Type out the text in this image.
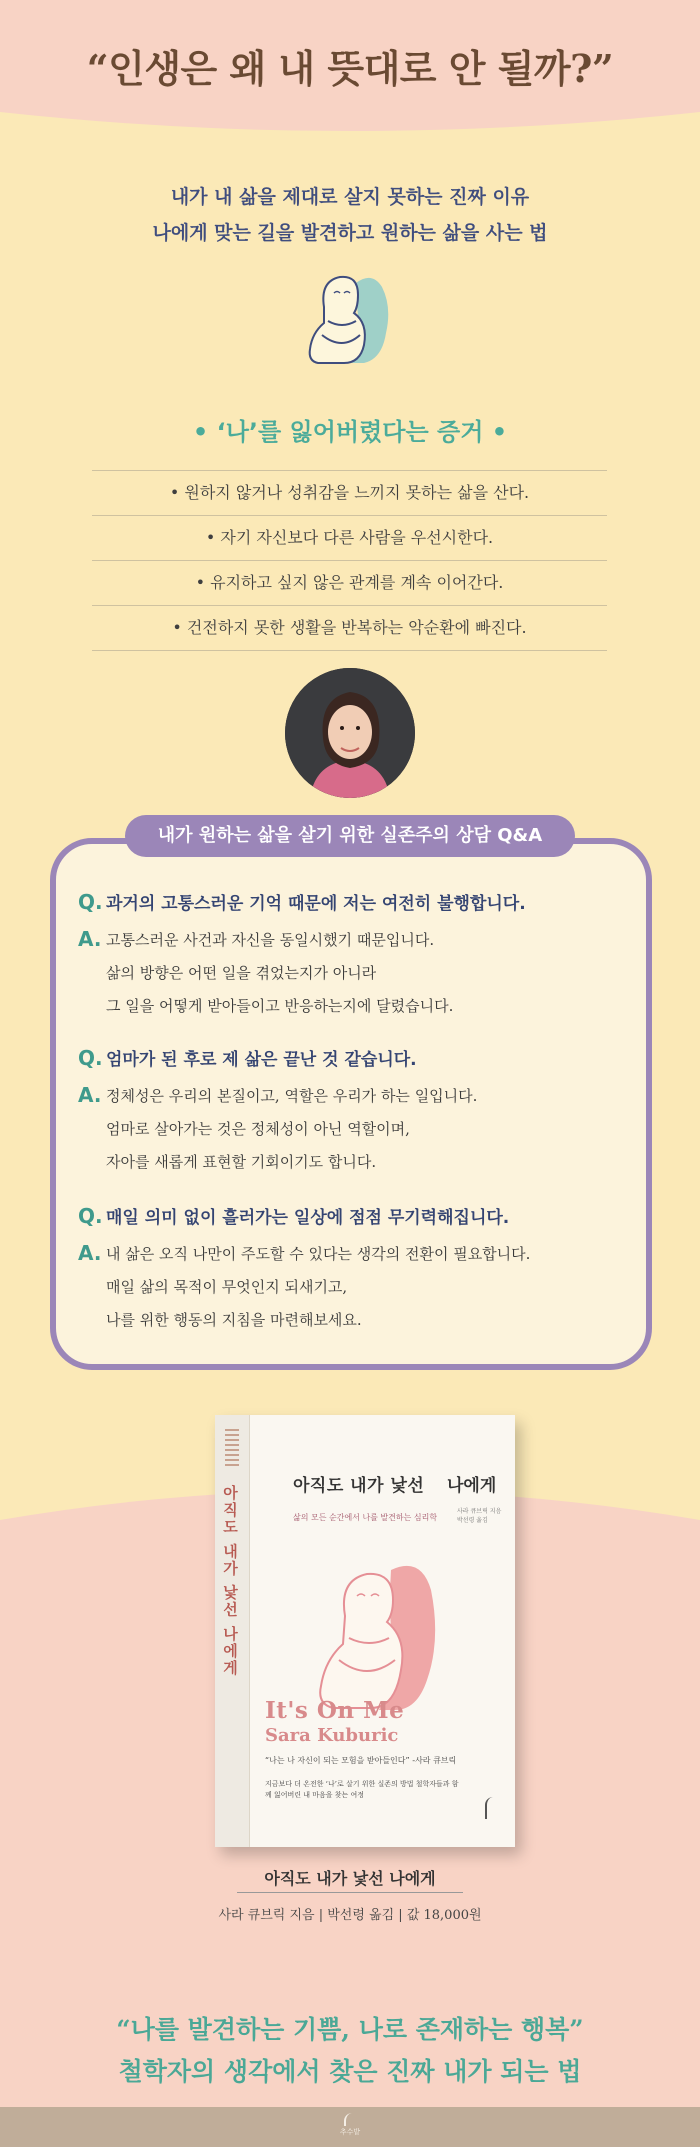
“인생은 왜 내 뜻대로 안 될까?”
내가 내 삶을 제대로 살지 못하는 진짜 이유
나에게 맞는 길을 발견하고 원하는 삶을 사는 법
• ‘나’를 잃어버렸다는 증거 •
• 원하지 않거나 성취감을 느끼지 못하는 삶을 산다.
• 자기 자신보다 다른 사람을 우선시한다.
• 유지하고 싶지 않은 관계를 계속 이어간다.
• 건전하지 못한 생활을 반복하는 악순환에 빠진다.
Q. 과거의 고통스러운 기억 때문에 저는 여전히 불행합니다.
A. 고통스러운 사건과 자신을 동일시했기 때문입니다.
삶의 방향은 어떤 일을 겪었는지가 아니라
그 일을 어떻게 받아들이고 반응하는지에 달렸습니다.
Q. 엄마가 된 후로 제 삶은 끝난 것 같습니다.
A. 정체성은 우리의 본질이고, 역할은 우리가 하는 일입니다.
엄마로 살아가는 것은 정체성이 아닌 역할이며,
자아를 새롭게 표현할 기회이기도 합니다.
Q. 매일 의미 없이 흘러가는 일상에 점점 무기력해집니다.
A. 내 삶은 오직 나만이 주도할 수 있다는 생각의 전환이 필요합니다.
매일 삶의 목적이 무엇인지 되새기고,
나를 위한 행동의 지침을 마련해보세요.
내가 원하는 삶을 살기 위한 실존주의 상담 Q&A
아직도 내가 낯선 나에게	아직도 내가 낯선 나에게
삶의 모든 순간에서 나를 발견하는 심리학
사라 큐브릭 지음 박선령 옮김
It's On Me
Sara Kuburic
“나는 나 자신이 되는 모험을 받아들인다” -사라 큐브릭
지금보다 더 온전한 ‘나’로 살기 위한 실존의 방법 철학자들과 함께 잃어버린 내 마음을 찾는 여정
아직도 내가 낯선 나에게
사라 큐브릭 지음 | 박선령 옮김 | 값 18,000원
“나를 발견하는 기쁨, 나로 존재하는 행복”
철학자의 생각에서 찾은 진짜 내가 되는 법
추수밭
